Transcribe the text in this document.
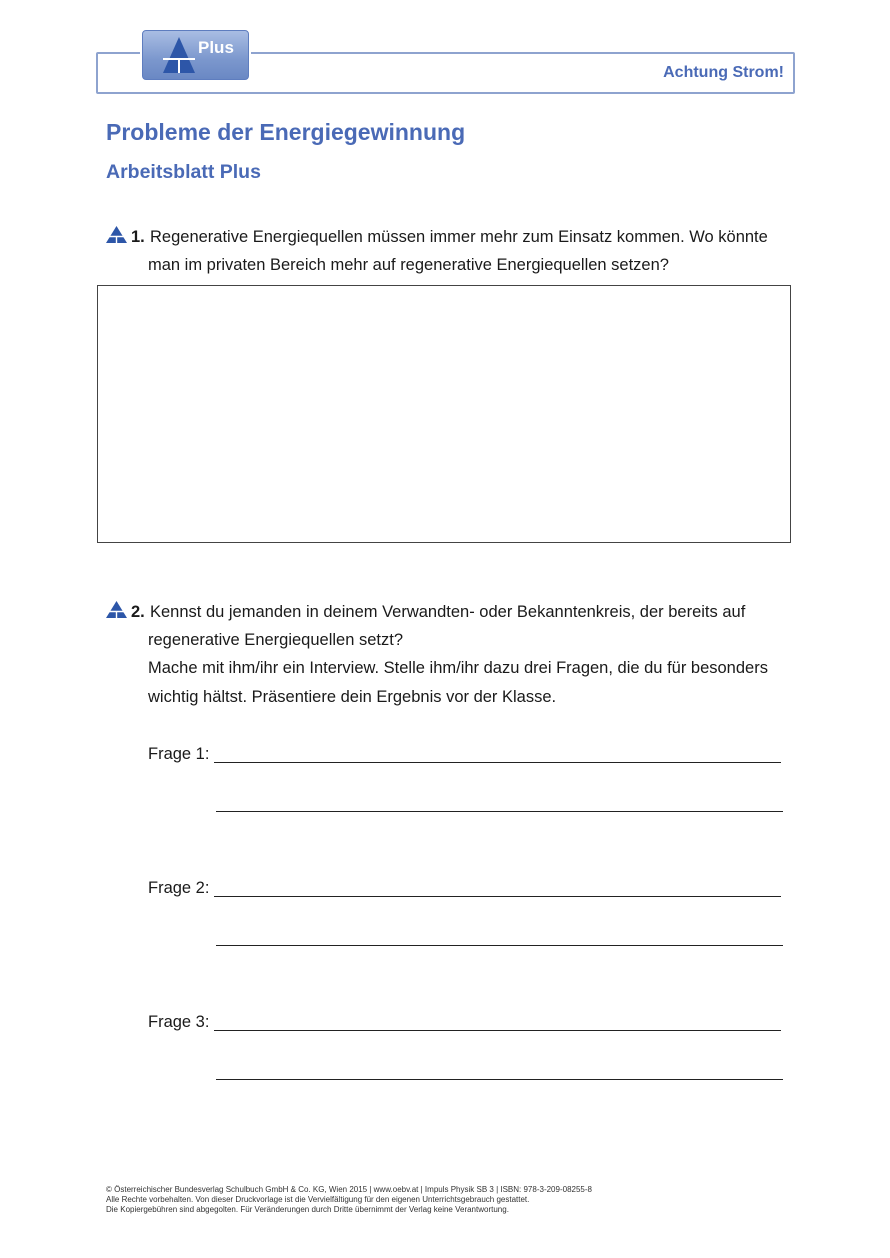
Achtung Strom!
Plus
Probleme der Energiegewinnung
Arbeitsblatt Plus
1. Regenerative Energiequellen müssen immer mehr zum Einsatz kommen. Wo könnte
man im privaten Bereich mehr auf regenerative Energiequellen setzen?
2. Kennst du jemanden in deinem Verwandten- oder Bekanntenkreis, der bereits auf
regenerative Energiequellen setzt?
Mache mit ihm/ihr ein Interview. Stelle ihm/ihr dazu drei Fragen, die du für besonders
wichtig hältst. Präsentiere dein Ergebnis vor der Klasse.
Frage 1:
Frage 2:
Frage 3:
© Österreichischer Bundesverlag Schulbuch GmbH & Co. KG, Wien 2015 | www.oebv.at | Impuls Physik SB 3 | ISBN: 978-3-209-08255-8
Alle Rechte vorbehalten. Von dieser Druckvorlage ist die Vervielfältigung für den eigenen Unterrichtsgebrauch gestattet.
Die Kopiergebühren sind abgegolten. Für Veränderungen durch Dritte übernimmt der Verlag keine Verantwortung.
